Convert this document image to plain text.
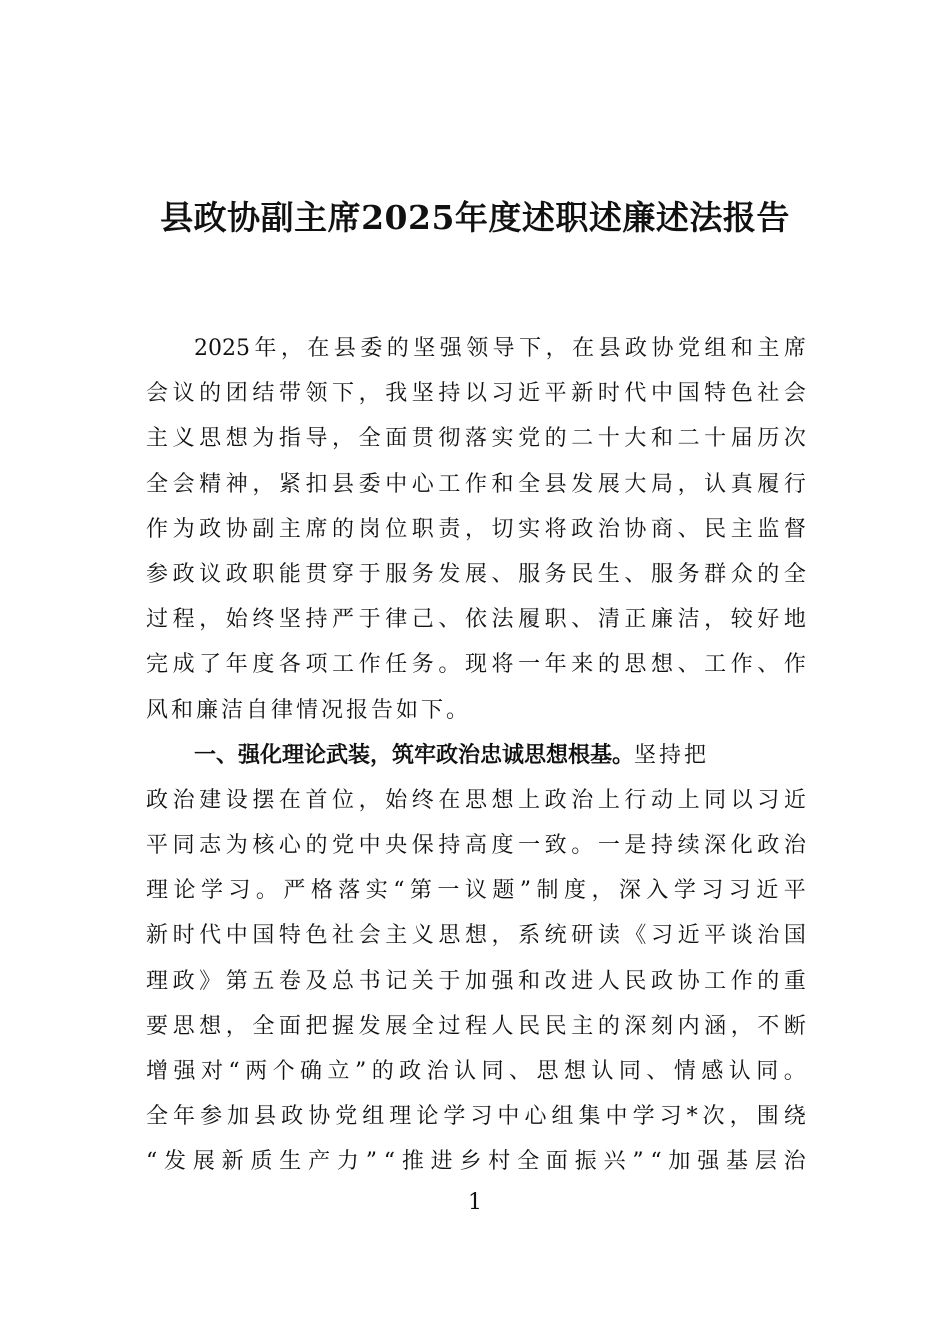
县政协副主席2025年度述职述廉述法报告
2025 年 ， 在 县 委 的 坚 强 领 导 下 ， 在 县 政 协 党 组 和 主 席
会 议 的 团 结 带 领 下 ， 我 坚 持 以 习 近 平 新 时 代 中 国 特 色 社 会
主 义 思 想 为 指 导 ， 全 面 贯 彻 落 实 党 的 二 十 大 和 二 十 届 历 次
全 会 精 神 ， 紧 扣 县 委 中 心 工 作 和 全 县 发 展 大 局 ， 认 真 履 行
作 为 政 协 副 主 席 的 岗 位 职 责 ， 切 实 将 政 治 协 商 、 民 主 监 督
参 政 议 政 职 能 贯 穿 于 服 务 发 展 、 服 务 民 生 、 服 务 群 众 的 全
过 程 ， 始 终 坚 持 严 于 律 己 、 依 法 履 职 、 清 正 廉 洁 ， 较 好 地
完 成 了 年 度 各 项 工 作 任 务 。 现 将 一 年 来 的 思 想 、 工 作 、 作
风和廉洁自律情况报告如下。
一、强化理论武装，筑牢政治忠诚思想根基。 坚持把
政 治 建 设 摆 在 首 位 ， 始 终 在 思 想 上 政 治 上 行 动 上 同 以 习 近
平 同 志 为 核 心 的 党 中 央 保 持 高 度 一 致 。 一 是 持 续 深 化 政 治
理 论 学 习 。 严 格 落 实 “ 第 一 议 题 ” 制 度 ， 深 入 学 习 习 近 平
新 时 代 中 国 特 色 社 会 主 义 思 想 ， 系 统 研 读 《 习 近 平 谈 治 国
理 政 》 第 五 卷 及 总 书 记 关 于 加 强 和 改 进 人 民 政 协 工 作 的 重
要 思 想 ， 全 面 把 握 发 展 全 过 程 人 民 民 主 的 深 刻 内 涵 ， 不 断
增 强 对 “ 两 个 确 立 ” 的 政 治 认 同 、 思 想 认 同 、 情 感 认 同 。
全 年 参 加 县 政 协 党 组 理 论 学 习 中 心 组 集 中 学 习 * 次 ， 围 绕
“ 发 展 新 质 生 产 力 ” “ 推 进 乡 村 全 面 振 兴 ” “ 加 强 基 层 治
1
